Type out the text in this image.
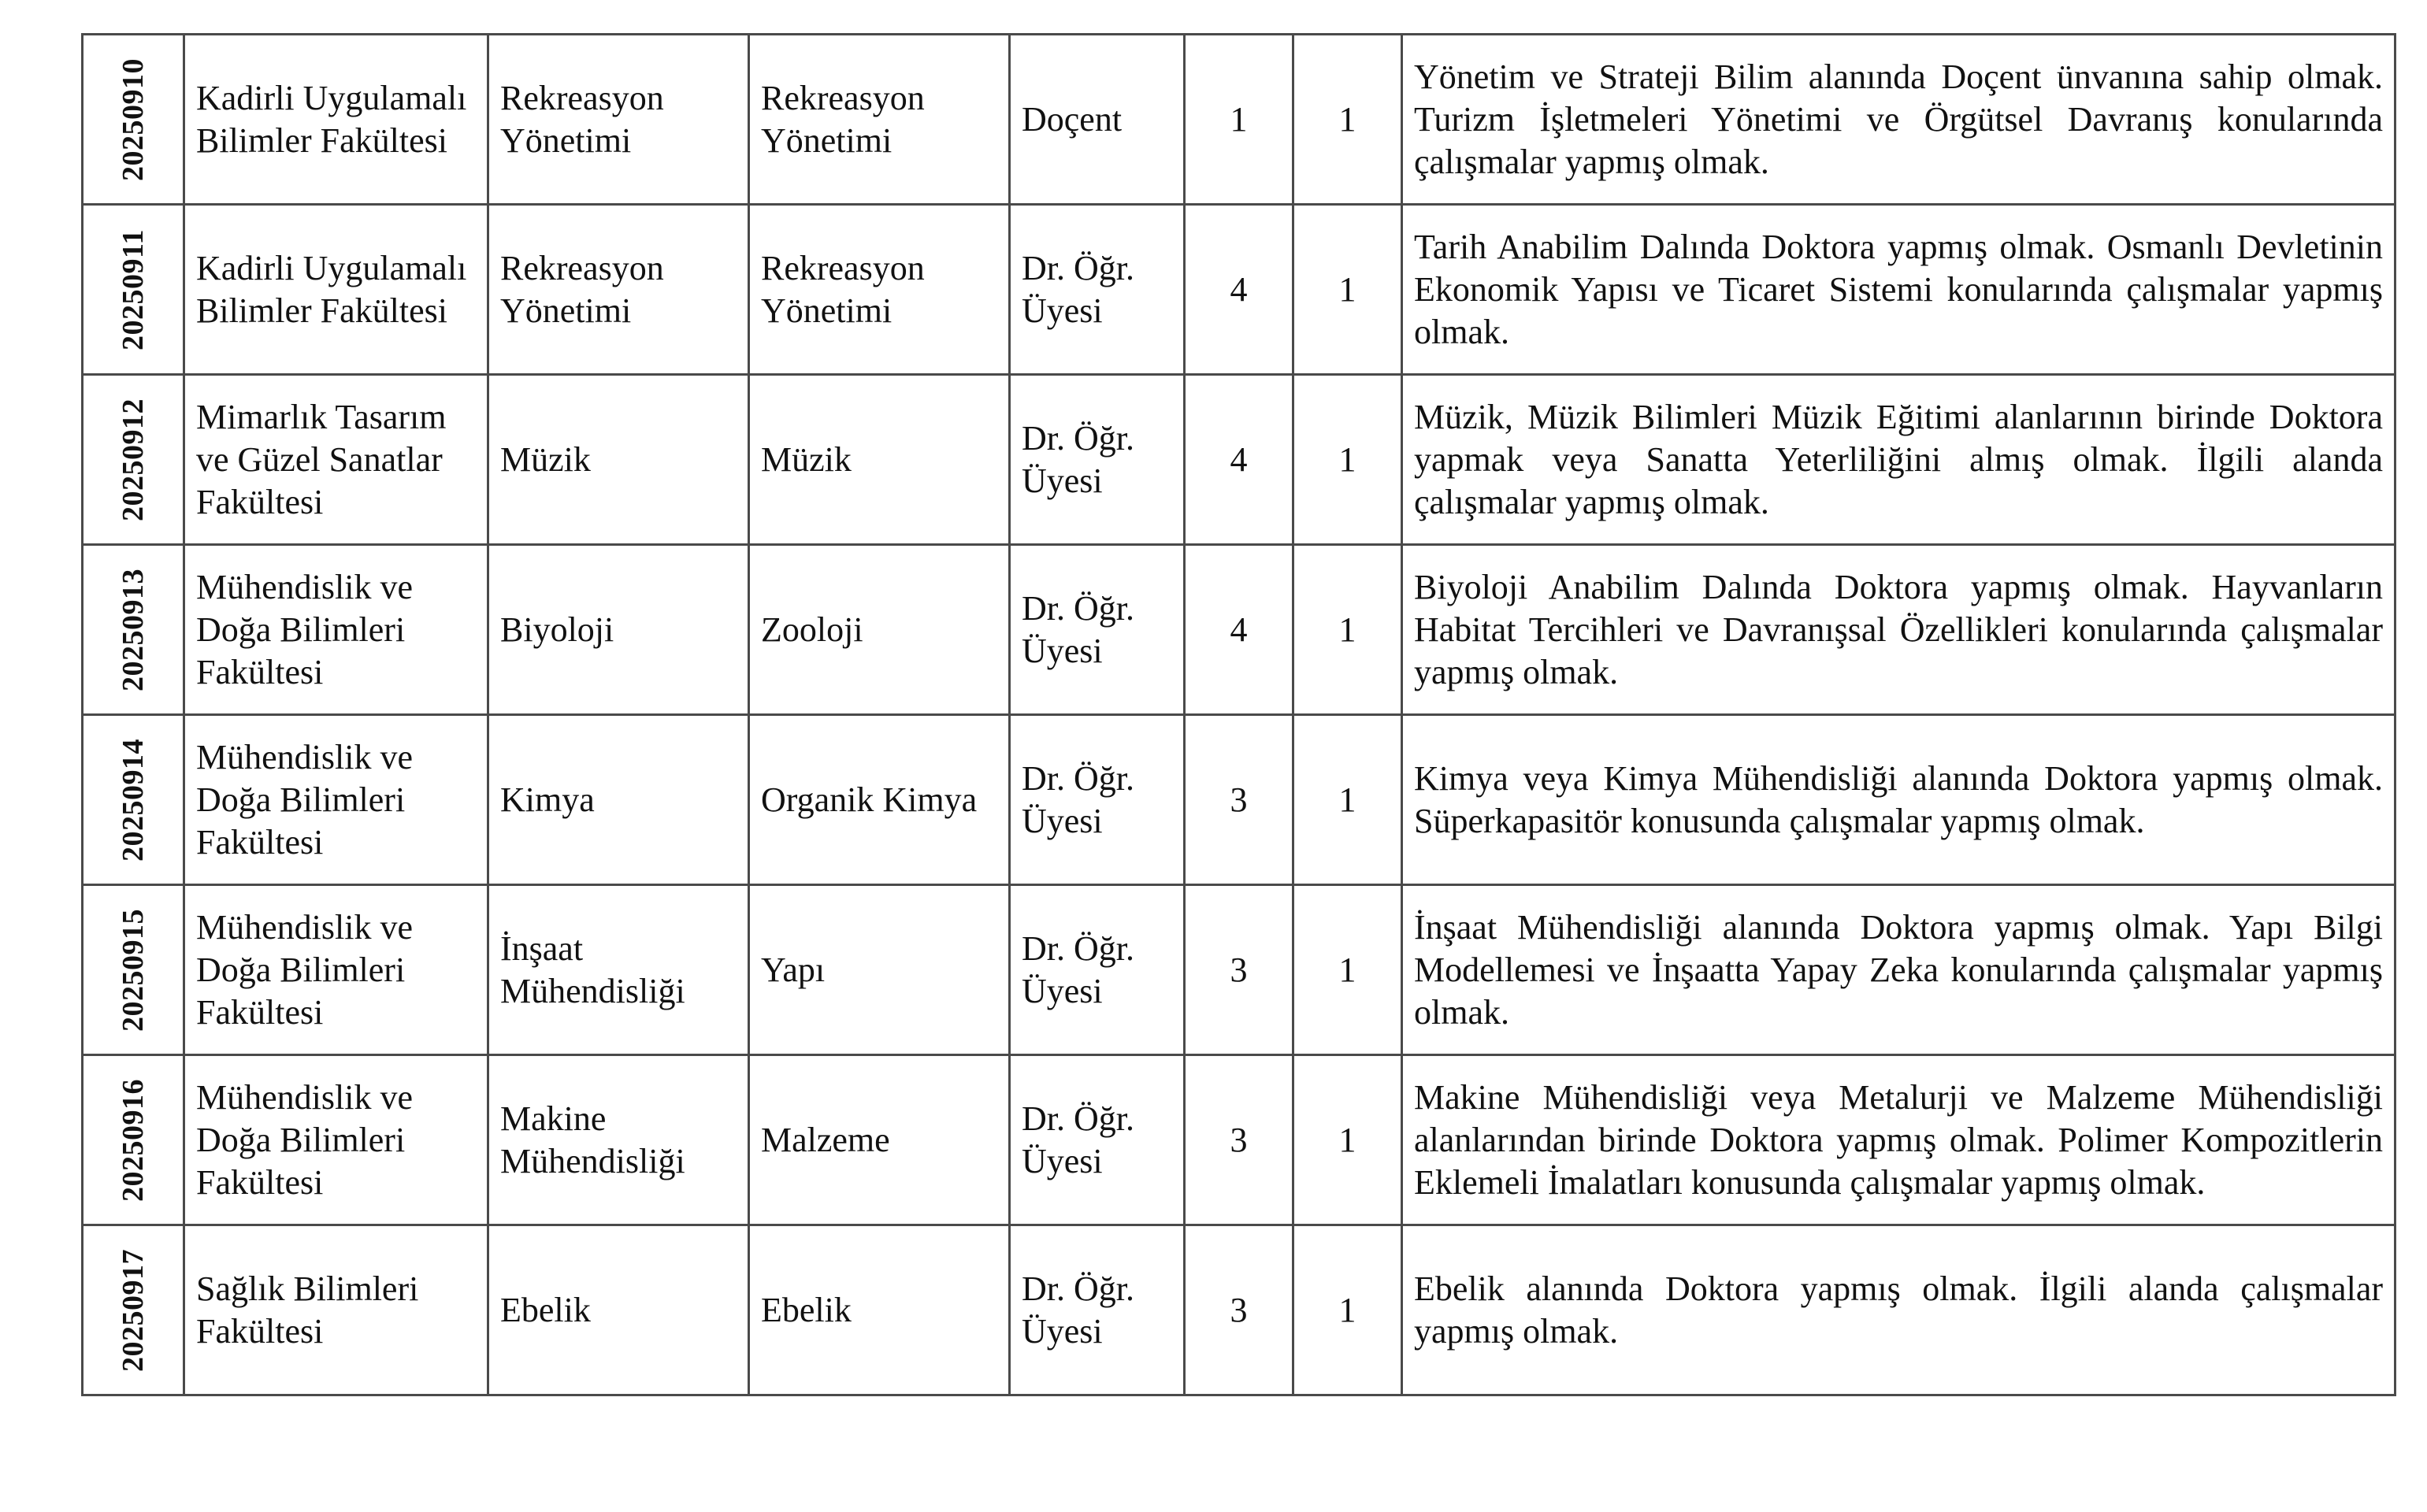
20250910	Kadirli Uygulamalı Bilimler Fakültesi	Rekreasyon Yönetimi	Rekreasyon Yönetimi	Doçent	1	1	Yönetim ve Strateji Bilim alanında Doçent ünvanına sahip olmak. Turizm İşletmeleri Yönetimi ve Örgütsel Davranış konularında çalışmalar yapmış olmak.

20250911	Kadirli Uygulamalı Bilimler Fakültesi	Rekreasyon Yönetimi	Rekreasyon Yönetimi	Dr. Öğr. Üyesi	4	1	Tarih Anabilim Dalında Doktora yapmış olmak. Osmanlı Devletinin Ekonomik Yapısı ve Ticaret Sistemi konularında çalışmalar yapmış olmak.

20250912	Mimarlık Tasarım ve Güzel Sanatlar Fakültesi	Müzik	Müzik	Dr. Öğr. Üyesi	4	1	Müzik, Müzik Bilimleri Müzik Eğitimi alanlarının birinde Doktora yapmak veya Sanatta Yeterliliğini almış olmak. İlgili alanda çalışmalar yapmış olmak.

20250913	Mühendislik ve Doğa Bilimleri Fakültesi	Biyoloji	Zooloji	Dr. Öğr. Üyesi	4	1	Biyoloji Anabilim Dalında Doktora yapmış olmak. Hayvanların Habitat Tercihleri ve Davranışsal Özellikleri konularında çalışmalar yapmış olmak.

20250914	Mühendislik ve Doğa Bilimleri Fakültesi	Kimya	Organik Kimya	Dr. Öğr. Üyesi	3	1	Kimya veya Kimya Mühendisliği alanında Doktora yapmış olmak. Süperkapasitör konusunda çalışmalar yapmış olmak.

20250915	Mühendislik ve Doğa Bilimleri Fakültesi	İnşaat Mühendisliği	Yapı	Dr. Öğr. Üyesi	3	1	İnşaat Mühendisliği alanında Doktora yapmış olmak. Yapı Bilgi Modellemesi ve İnşaatta Yapay Zeka konularında çalışmalar yapmış olmak.

20250916	Mühendislik ve Doğa Bilimleri Fakültesi	Makine Mühendisliği	Malzeme	Dr. Öğr. Üyesi	3	1	Makine Mühendisliği veya Metalurji ve Malzeme Mühendisliği alanlarından birinde Doktora yapmış olmak. Polimer Kompozitlerin Eklemeli İmalatları konusunda çalışmalar yapmış olmak.

20250917	Sağlık Bilimleri Fakültesi	Ebelik	Ebelik	Dr. Öğr. Üyesi	3	1	Ebelik alanında Doktora yapmış olmak. İlgili alanda çalışmalar yapmış olmak.
